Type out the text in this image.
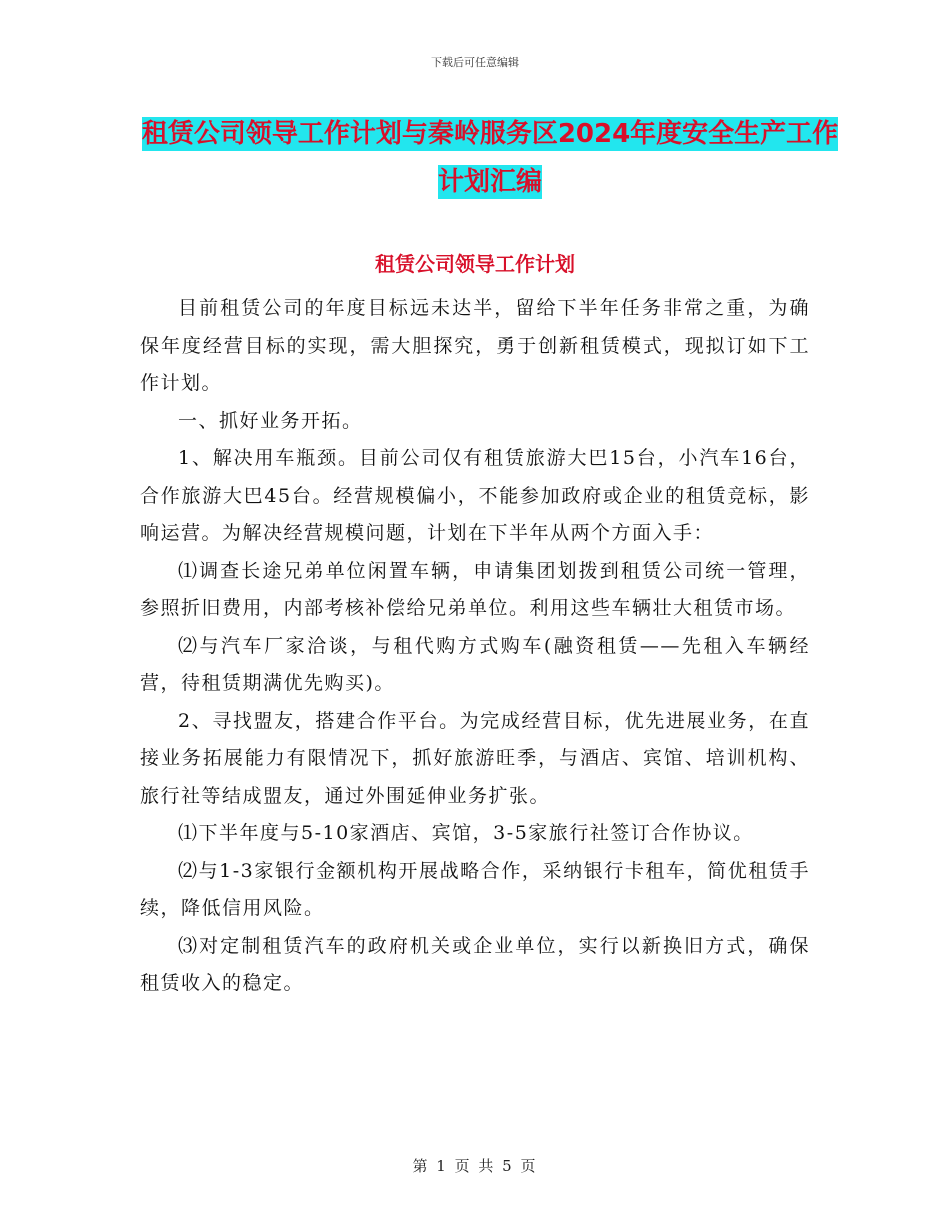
下载后可任意编辑
租赁公司领导工作计划与秦岭服务区2024年度安全生产工作计划汇编
租赁公司领导工作计划

目前租赁公司的年度目标远未达半，留给下半年任务非常之重，为确保年度经营目标的实现，需大胆探究，勇于创新租赁模式，现拟订如下工作计划。

一、抓好业务开拓。

1、解决用车瓶颈。目前公司仅有租赁旅游大巴15台，小汽车16台，合作旅游大巴45台。经营规模偏小，不能参加政府或企业的租赁竞标，影响运营。为解决经营规模问题，计划在下半年从两个方面入手：

⑴调查长途兄弟单位闲置车辆，申请集团划拨到租赁公司统一管理，参照折旧费用，内部考核补偿给兄弟单位。利用这些车辆壮大租赁市场。

⑵与汽车厂家洽谈，与租代购方式购车(融资租赁——先租入车辆经营，待租赁期满优先购买)。

2、寻找盟友，搭建合作平台。为完成经营目标，优先进展业务，在直接业务拓展能力有限情况下，抓好旅游旺季，与酒店、宾馆、培训机构、旅行社等结成盟友，通过外围延伸业务扩张。

⑴下半年度与5-10家酒店、宾馆，3-5家旅行社签订合作协议。

⑵与1-3家银行金额机构开展战略合作，采纳银行卡租车，简优租赁手续，降低信用风险。

⑶对定制租赁汽车的政府机关或企业单位，实行以新换旧方式，确保租赁收入的稳定。

第 1 页 共 5 页
